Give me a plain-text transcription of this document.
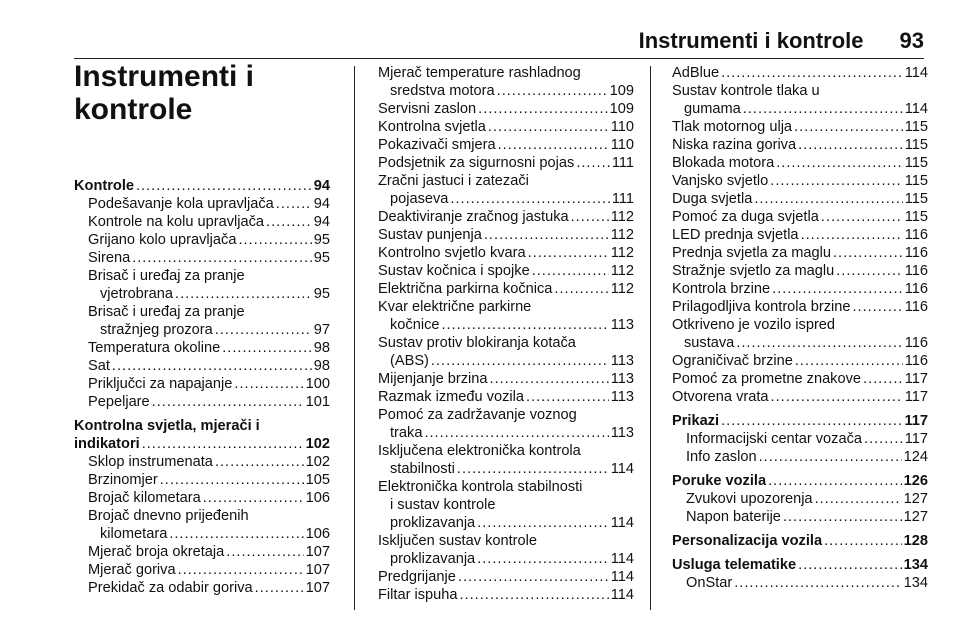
Instrumenti i kontrole 93
Instrumenti i kontrole
Kontrole .....	94
Podešavanje kola upravljača .....	94
Kontrole na kolu upravljača .....	94
Grijano kolo upravljača .....	95
Sirena .....	95
Brisač i uređaj za pranje
vjetrobrana .....	95
Brisač i uređaj za pranje
stražnjeg prozora .....	97
Temperatura okoline .....	98
Sat .....	98
Priključci za napajanje .....	100
Pepeljare .....	101
Kontrolna svjetla, mjerači i
indikatori .....	102
Sklop instrumenata .....	102
Brzinomjer .....	105
Brojač kilometara .....	106
Brojač dnevno prijeđenih
kilometara .....	106
Mjerač broja okretaja .....	107
Mjerač goriva .....	107
Prekidač za odabir goriva .....	107
Mjerač temperature rashladnog
sredstva motora .....	109
Servisni zaslon .....	109
Kontrolna svjetla .....	110
Pokazivači smjera .....	110
Podsjetnik za sigurnosni pojas .....	111
Zračni jastuci i zatezači
pojaseva .....	111
Deaktiviranje zračnog jastuka .....	112
Sustav punjenja .....	112
Kontrolno svjetlo kvara .....	112
Sustav kočnica i spojke .....	112
Električna parkirna kočnica .....	112
Kvar električne parkirne
kočnice .....	113
Sustav protiv blokiranja kotača
(ABS) .....	113
Mijenjanje brzina .....	113
Razmak između vozila .....	113
Pomoć za zadržavanje voznog
traka .....	113
Isključena elektronička kontrola
stabilnosti .....	114
Elektronička kontrola stabilnosti
i sustav kontrole
proklizavanja .....	114
Isključen sustav kontrole
proklizavanja .....	114
Predgrijanje .....	114
Filtar ispuha .....	114
AdBlue .....	114
Sustav kontrole tlaka u
gumama .....	114
Tlak motornog ulja .....	115
Niska razina goriva .....	115
Blokada motora .....	115
Vanjsko svjetlo .....	115
Duga svjetla .....	115
Pomoć za duga svjetla .....	115
LED prednja svjetla .....	116
Prednja svjetla za maglu .....	116
Stražnje svjetlo za maglu .....	116
Kontrola brzine .....	116
Prilagodljiva kontrola brzine .....	116
Otkriveno je vozilo ispred
sustava .....	116
Ograničivač brzine .....	116
Pomoć za prometne znakove .....	117
Otvorena vrata .....	117
Prikazi .....	117
Informacijski centar vozača .....	117
Info zaslon .....	124
Poruke vozila .....	126
Zvukovi upozorenja .....	127
Napon baterije .....	127
Personalizacija vozila .....	128
Usluga telematike .....	134
OnStar .....	134
